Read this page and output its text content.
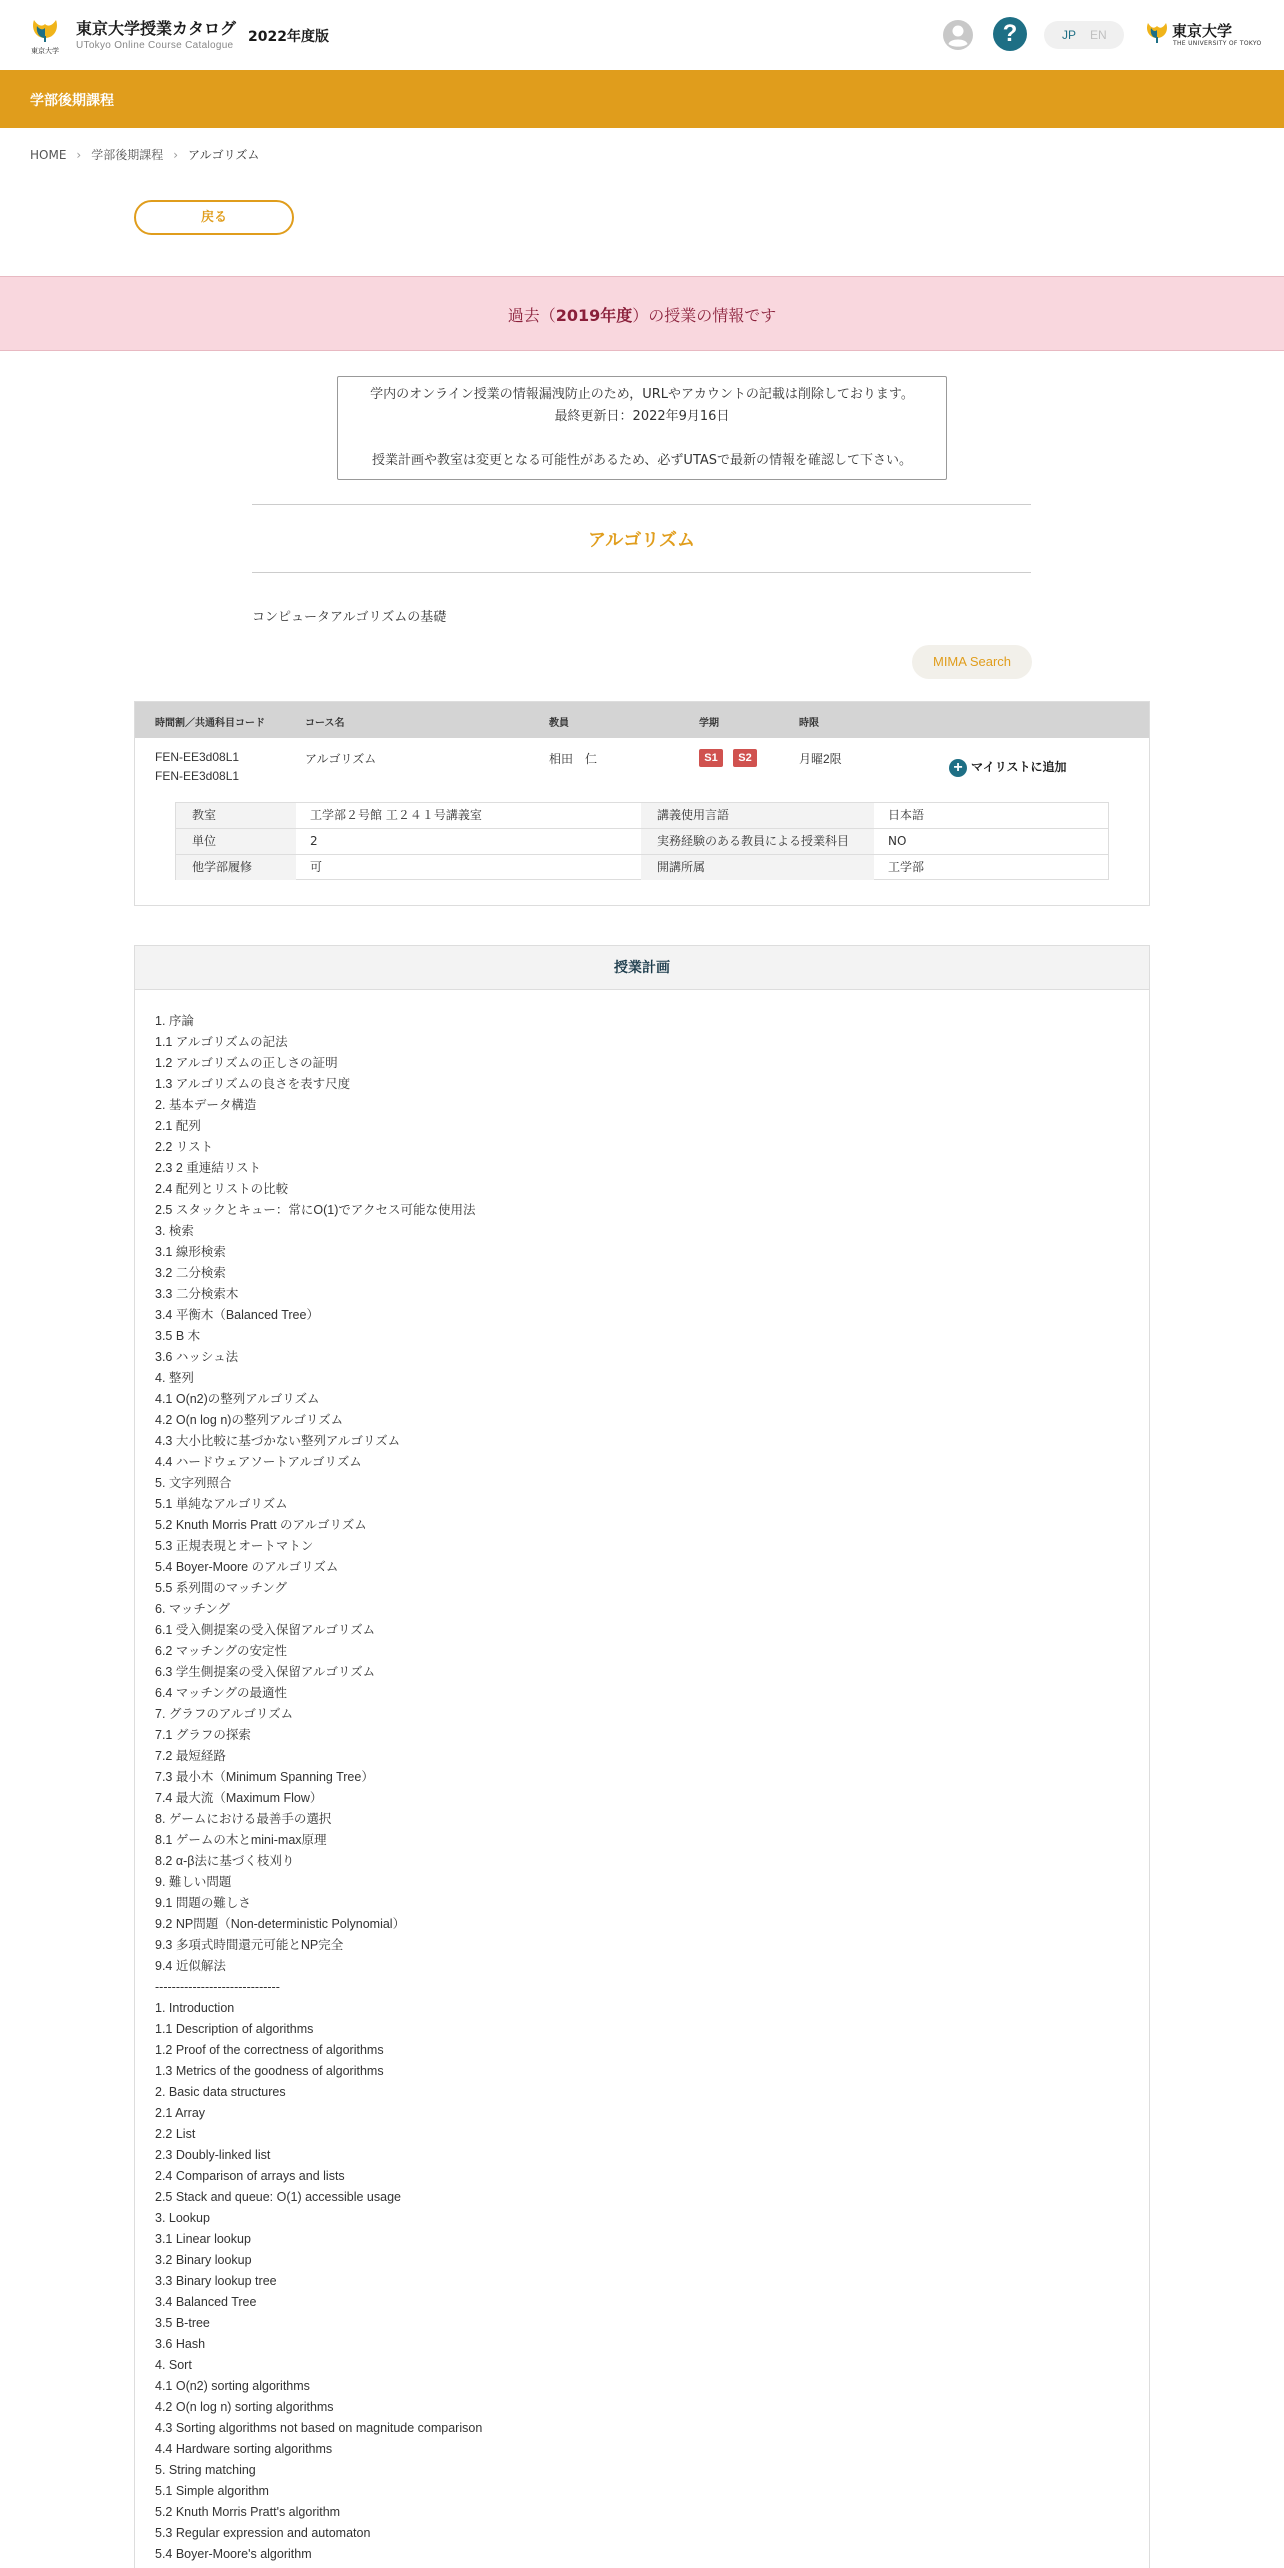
東京大学
東京大学授業カタログ
UTokyo Online Course Catalogue
2022年度版	?	JP EN	東京大学
THE UNIVERSITY OF TOKYO
学部後期課程
HOME › 学部後期課程 › アルゴリズム
戻る
過去（2019年度）の授業の情報です
学内のオンライン授業の情報漏洩防止のため，URLやアカウントの記載は削除しております。
最終更新日：2022年9月16日
授業計画や教室は変更となる可能性があるため、必ずUTASで最新の情報を確認して下さい。
アルゴリズム
コンピュータアルゴリズムの基礎
MIMA Search
時間割／共通科目コード	コース名	教員	学期	時限
FEN-EE3d08L1
FEN-EE3d08L1
アルゴリズム	相田　仁	S1	S2	月曜2限	+ マイリストに追加
教室	工学部２号館 工２４１号講義室	講義使用言語	日本語
単位	2	実務経験のある教員による授業科目	NO
他学部履修	可	開講所属	工学部
授業計画
1. 序論
1.1 アルゴリズムの記法
1.2 アルゴリズムの正しさの証明
1.3 アルゴリズムの良さを表す尺度
2. 基本データ構造
2.1 配列
2.2 リスト
2.3 2 重連結リスト
2.4 配列とリストの比較
2.5 スタックとキュー：常にO(1)でアクセス可能な使用法
3. 検索
3.1 線形検索
3.2 二分検索
3.3 二分検索木
3.4 平衡木（Balanced Tree）
3.5 B 木
3.6 ハッシュ法
4. 整列
4.1 O(n2)の整列アルゴリズム
4.2 O(n log n)の整列アルゴリズム
4.3 大小比較に基づかない整列アルゴリズム
4.4 ハードウェアソートアルゴリズム
5. 文字列照合
5.1 単純なアルゴリズム
5.2 Knuth Morris Pratt のアルゴリズム
5.3 正規表現とオートマトン
5.4 Boyer-Moore のアルゴリズム
5.5 系列間のマッチング
6. マッチング
6.1 受入側提案の受入保留アルゴリズム
6.2 マッチングの安定性
6.3 学生側提案の受入保留アルゴリズム
6.4 マッチングの最適性
7. グラフのアルゴリズム
7.1 グラフの探索
7.2 最短経路
7.3 最小木（Minimum Spanning Tree）
7.4 最大流（Maximum Flow）
8. ゲームにおける最善手の選択
8.1 ゲームの木とmini-max原理
8.2 α-β法に基づく枝刈り
9. 難しい問題
9.1 問題の難しさ
9.2 NP問題（Non-deterministic Polynomial）
9.3 多項式時間還元可能とNP完全
9.4 近似解法
------------------------------
1. Introduction
1.1 Description of algorithms
1.2 Proof of the correctness of algorithms
1.3 Metrics of the goodness of algorithms
2. Basic data structures
2.1 Array
2.2 List
2.3 Doubly-linked list
2.4 Comparison of arrays and lists
2.5 Stack and queue: O(1) accessible usage
3. Lookup
3.1 Linear lookup
3.2 Binary lookup
3.3 Binary lookup tree
3.4 Balanced Tree
3.5 B-tree
3.6 Hash
4. Sort
4.1 O(n2) sorting algorithms
4.2 O(n log n) sorting algorithms
4.3 Sorting algorithms not based on magnitude comparison
4.4 Hardware sorting algorithms
5. String matching
5.1 Simple algorithm
5.2 Knuth Morris Pratt's algorithm
5.3 Regular expression and automaton
5.4 Boyer-Moore's algorithm
